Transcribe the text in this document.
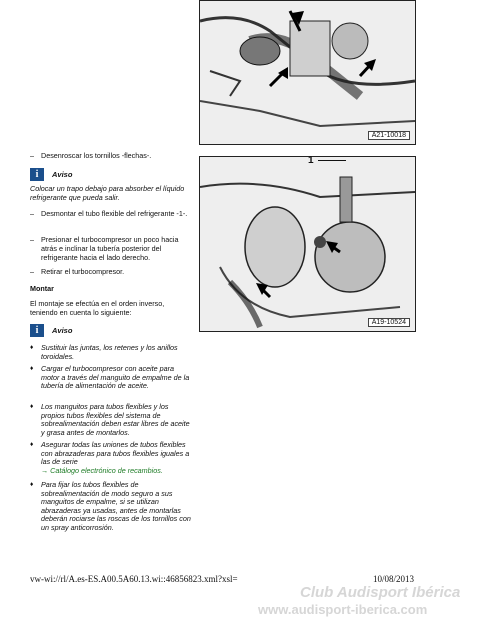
A21-10018
A19-10524
1
– Desenroscar los tornillos -flechas-.
i	Aviso
Colocar un trapo debajo para absorber el líquido refrigerante que pueda salir.
– Desmontar el tubo flexible del refrigerante -1-.
– Presionar el turbocompresor un poco hacia atrás e inclinar la tubería posterior del refrigerante hacia el lado derecho.
– Retirar el turbocompresor.
Montar
El montaje se efectúa en el orden inverso, teniendo en cuenta lo siguiente:
i	Aviso
♦ Sustituir las juntas, los retenes y los anillos toroidales.
♦ Cargar el turbocompresor con aceite para motor a través del manguito de empalme de la tubería de alimentación de aceite.
♦ Los manguitos para tubos flexibles y los propios tubos flexibles del sistema de sobrealimentación deben estar libres de aceite y grasa antes de montarlos.
♦ Asegurar todas las uniones de tubos flexibles con abrazaderas para tubos flexibles iguales a las de serie
→ Catálogo electrónico de recambios.
♦ Para fijar los tubos flexibles de sobrealimentación de modo seguro a sus manguitos de empalme, si se utilizan abrazaderas ya usadas, antes de montarlas deberán rociarse las roscas de los tornillos con un spray anticorrosión.
vw-wi://rl/A.es-ES.A00.5A60.13.wi::46856823.xml?xsl=	10/08/2013
Club Audisport Ibérica
www.audisport-iberica.com
